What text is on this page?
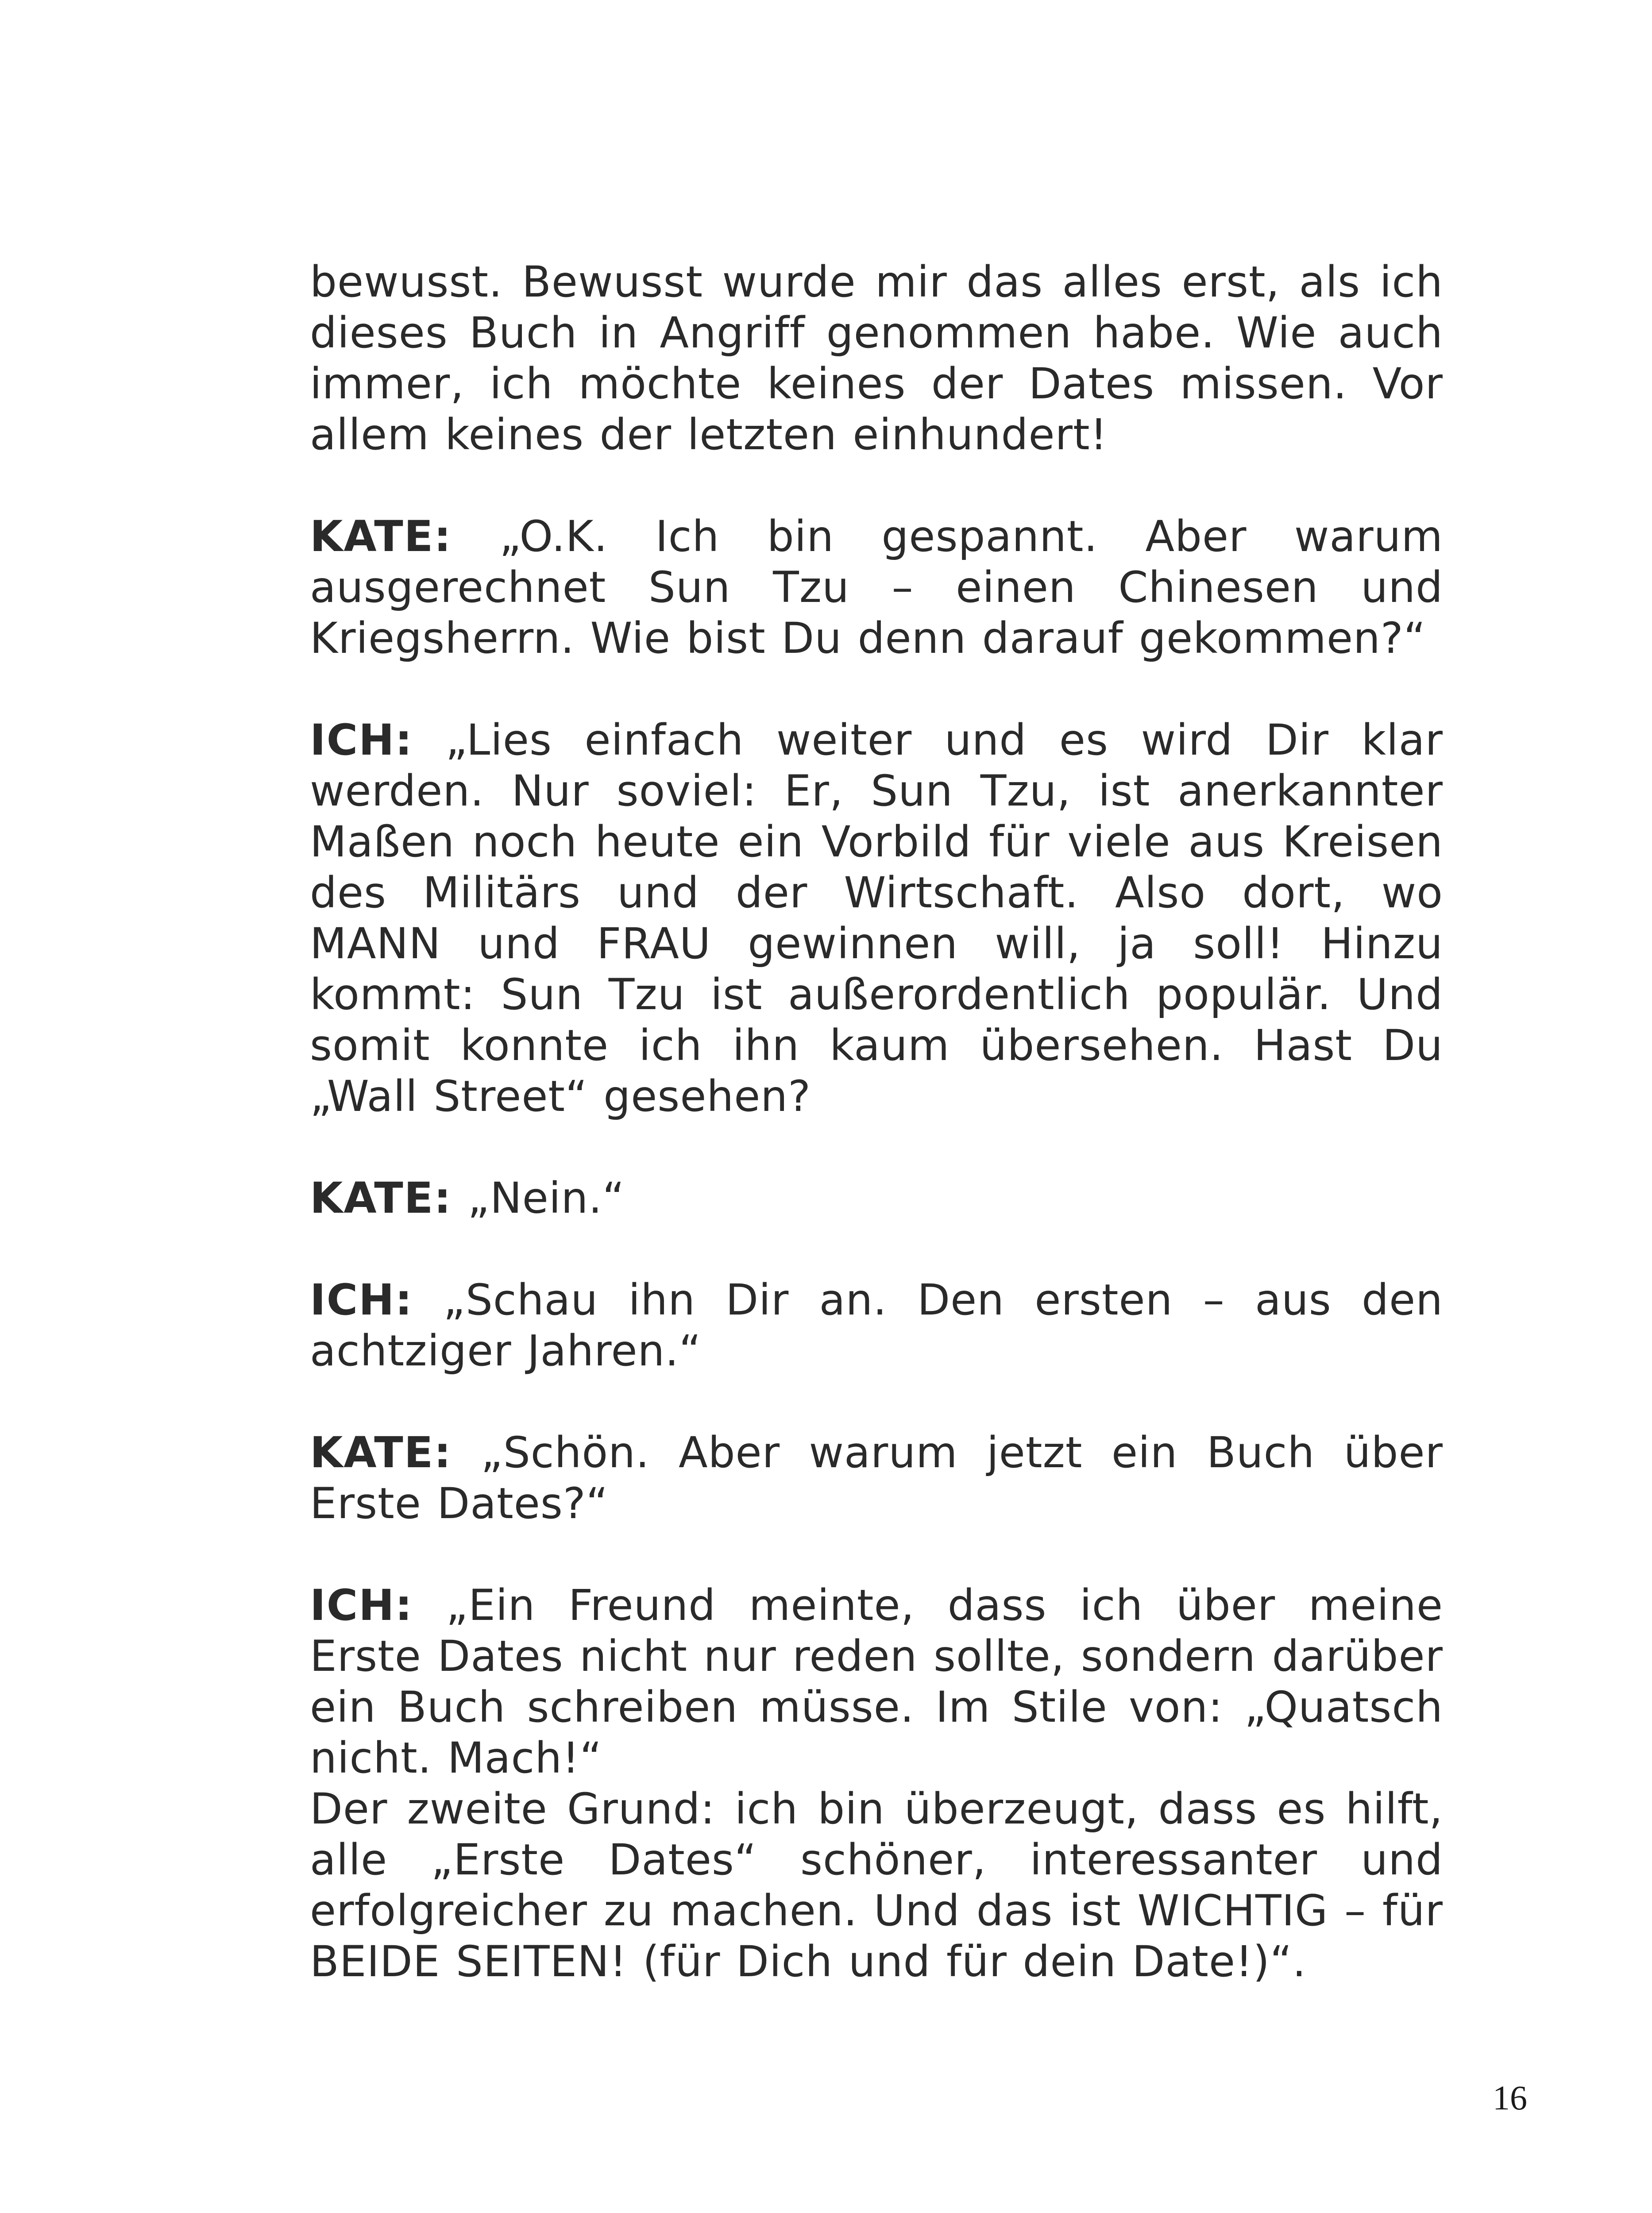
bewusst. Bewusst wurde mir das alles erst, als ich dieses Buch in Angriff genommen habe. Wie auch immer, ich möchte keines der Dates missen. Vor allem keines der letzten einhundert!

KATE: „O.K. Ich bin gespannt. Aber warum ausgerechnet Sun Tzu – einen Chinesen und Kriegsherrn. Wie bist Du denn darauf gekommen?“

ICH: „Lies einfach weiter und es wird Dir klar werden. Nur soviel: Er, Sun Tzu, ist anerkannter Maßen noch heute ein Vorbild für viele aus Kreisen des Militärs und der Wirtschaft. Also dort, wo MANN und FRAU gewinnen will, ja soll! Hinzu kommt: Sun Tzu ist außerordentlich populär. Und somit konnte ich ihn kaum übersehen. Hast Du „Wall Street“ gesehen?

KATE: „Nein.“

ICH: „Schau ihn Dir an. Den ersten – aus den achtziger Jahren.“

KATE: „Schön. Aber warum jetzt ein Buch über Erste Dates?“

ICH: „Ein Freund meinte, dass ich über meine Erste Dates nicht nur reden sollte, sondern darüber ein Buch schreiben müsse. Im Stile von: „Quatsch nicht. Mach!“

Der zweite Grund: ich bin überzeugt, dass es hilft, alle „Erste Dates“ schöner, interessanter und erfolgreicher zu machen. Und das ist WICHTIG – für BEIDE SEITEN! (für Dich und für dein Date!)“.

16
